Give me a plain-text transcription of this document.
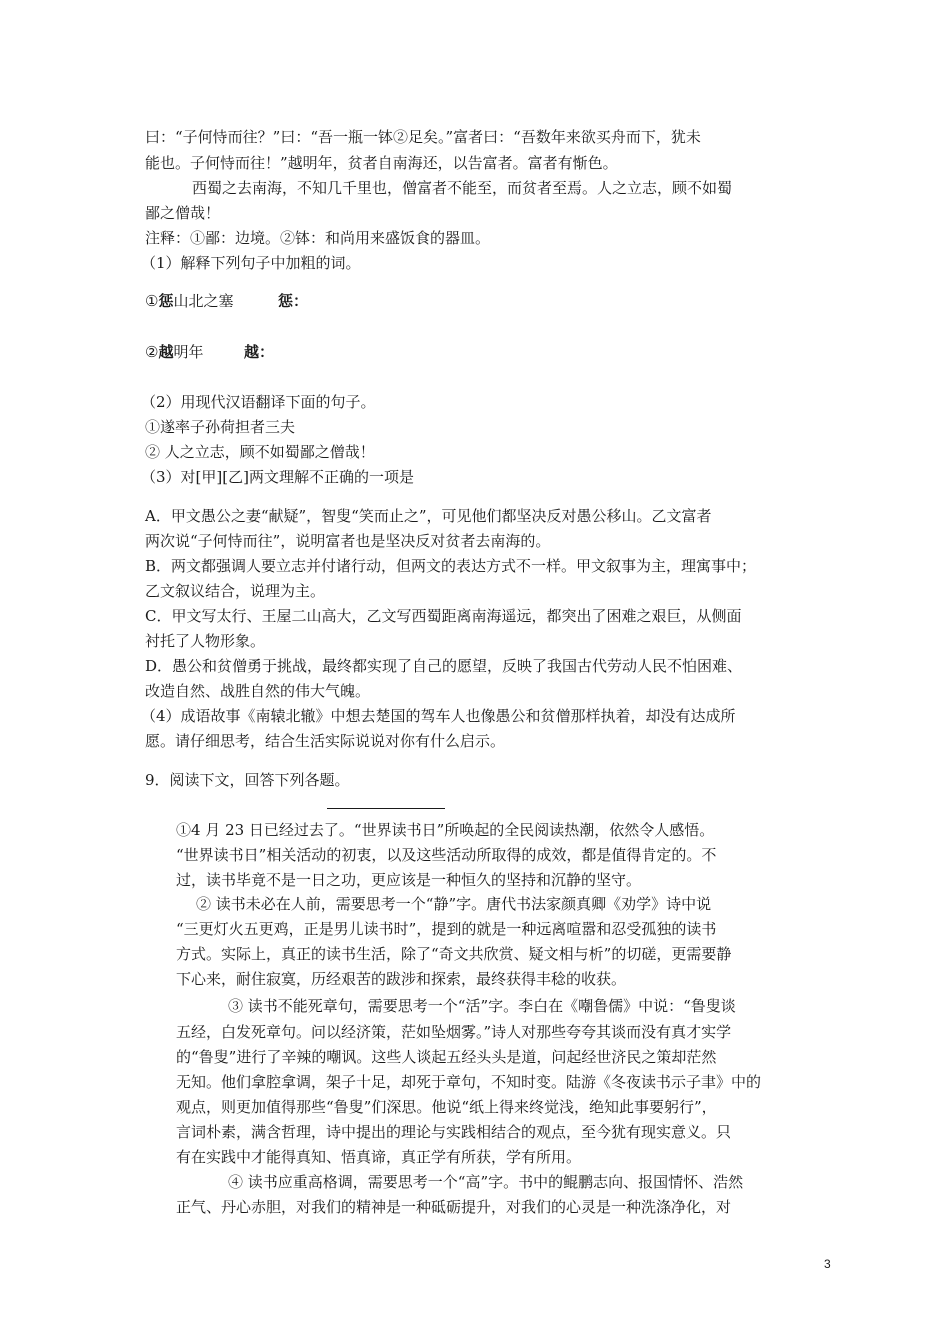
曰：“子何恃而往？”曰：“吾一瓶一钵②足矣。”富者曰：“吾数年来欲买舟而下，犹未
能也。子何恃而往！”越明年，贫者自南海还，以告富者。富者有惭色。
西蜀之去南海，不知几千里也，僧富者不能至，而贫者至焉。人之立志，顾不如蜀
鄙之僧哉！
注释：①鄙：边境。②钵：和尚用来盛饭食的器皿。
（1）解释下列句子中加粗的词。
①惩山北之塞	惩：
②越明年	越：
（2）用现代汉语翻译下面的句子。
①遂率子孙荷担者三夫
② 人之立志，顾不如蜀鄙之僧哉！
（3）对[甲][乙]两文理解不正确的一项是
A．甲文愚公之妻“献疑”，智叟“笑而止之”，可见他们都坚决反对愚公移山。乙文富者
两次说“子何恃而往”，说明富者也是坚决反对贫者去南海的。
B．两文都强调人要立志并付诸行动，但两文的表达方式不一样。甲文叙事为主，理寓事中；
乙文叙议结合，说理为主。
C．甲文写太行、王屋二山高大，乙文写西蜀距离南海遥远，都突出了困难之艰巨，从侧面
衬托了人物形象。
D．愚公和贫僧勇于挑战，最终都实现了自己的愿望，反映了我国古代劳动人民不怕困难、
改造自然、战胜自然的伟大气魄。
（4）成语故事《南辕北辙》中想去楚国的驾车人也像愚公和贫僧那样执着，却没有达成所
愿。请仔细思考，结合生活实际说说对你有什么启示。
9．阅读下文，回答下列各题。
①4 月 23 日已经过去了。“世界读书日”所唤起的全民阅读热潮，依然令人感悟。
“世界读书日”相关活动的初衷，以及这些活动所取得的成效，都是值得肯定的。不
过，读书毕竟不是一日之功，更应该是一种恒久的坚持和沉静的坚守。
② 读书未必在人前，需要思考一个“静”字。唐代书法家颜真卿《劝学》诗中说
“三更灯火五更鸡，正是男儿读书时”，提到的就是一种远离喧嚣和忍受孤独的读书
方式。实际上，真正的读书生活，除了“奇文共欣赏、疑文相与析”的切磋，更需要静
下心来，耐住寂寞，历经艰苦的跋涉和探索，最终获得丰稔的收获。
③ 读书不能死章句，需要思考一个“活”字。李白在《嘲鲁儒》中说：“鲁叟谈
五经，白发死章句。问以经济策，茫如坠烟雾。”诗人对那些夸夸其谈而没有真才实学
的“鲁叟”进行了辛辣的嘲讽。这些人谈起五经头头是道，问起经世济民之策却茫然
无知。他们拿腔拿调，架子十足，却死于章句，不知时变。陆游《冬夜读书示子聿》中的
观点，则更加值得那些“鲁叟”们深思。他说“纸上得来终觉浅，绝知此事要躬行”，
言词朴素，满含哲理，诗中提出的理论与实践相结合的观点，至今犹有现实意义。只
有在实践中才能得真知、悟真谛，真正学有所获，学有所用。
④ 读书应重高格调，需要思考一个“高”字。书中的鲲鹏志向、报国情怀、浩然
正气、丹心赤胆，对我们的精神是一种砥砺提升，对我们的心灵是一种洗涤净化，对
3
